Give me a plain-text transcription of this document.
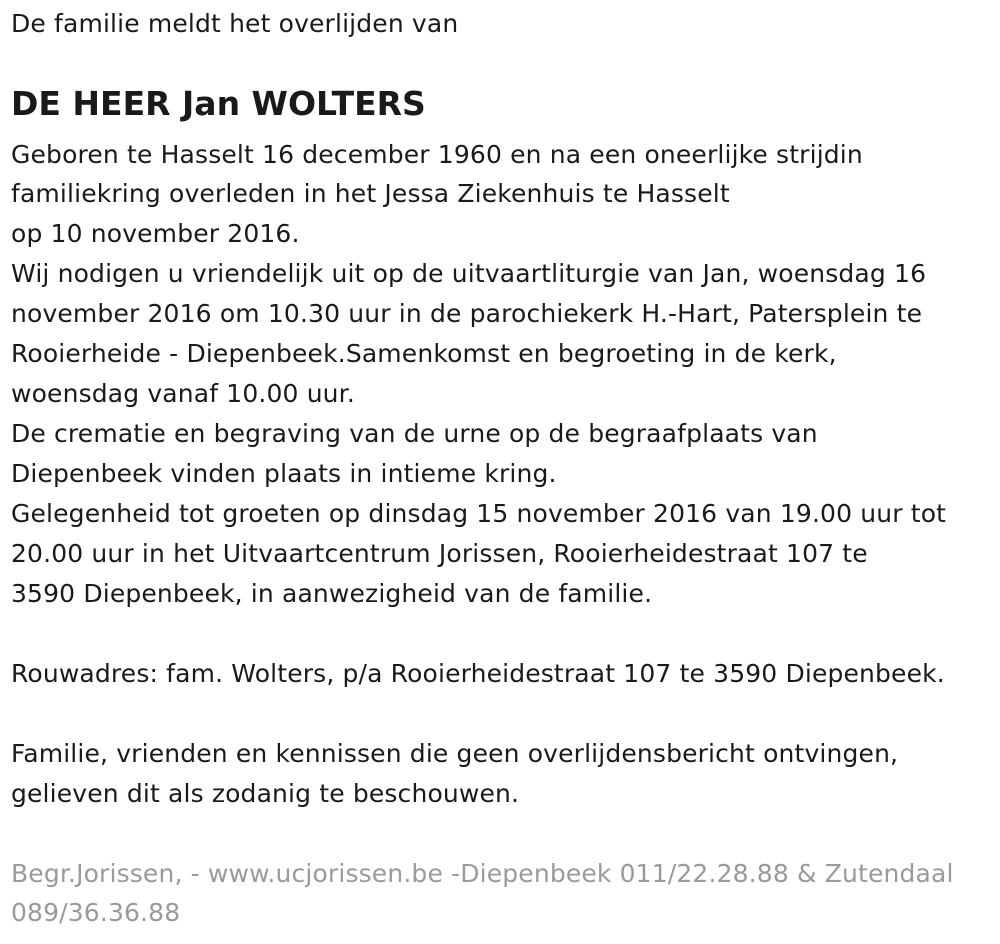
De familie meldt het overlijden van

DE HEER Jan WOLTERS

Geboren te Hasselt 16 december 1960 en na een oneerlijke strijdin

familiekring overleden in het Jessa Ziekenhuis te Hasselt

op 10 november 2016.

Wij nodigen u vriendelijk uit op de uitvaartliturgie van Jan, woensdag 16

november 2016 om 10.30 uur in de parochiekerk H.-Hart, Patersplein te

Rooierheide - Diepenbeek.Samenkomst en begroeting in de kerk,

woensdag vanaf 10.00 uur.

De crematie en begraving van de urne op de begraafplaats van

Diepenbeek vinden plaats in intieme kring.

Gelegenheid tot groeten op dinsdag 15 november 2016 van 19.00 uur tot

20.00 uur in het Uitvaartcentrum Jorissen, Rooierheidestraat 107 te

3590 Diepenbeek, in aanwezigheid van de familie.

Rouwadres: fam. Wolters, p/a Rooierheidestraat 107 te 3590 Diepenbeek.

Familie, vrienden en kennissen die geen overlijdensbericht ontvingen,

gelieven dit als zodanig te beschouwen.

Begr.Jorissen, - www.ucjorissen.be -Diepenbeek 011/22.28.88 & Zutendaal

089/36.36.88
